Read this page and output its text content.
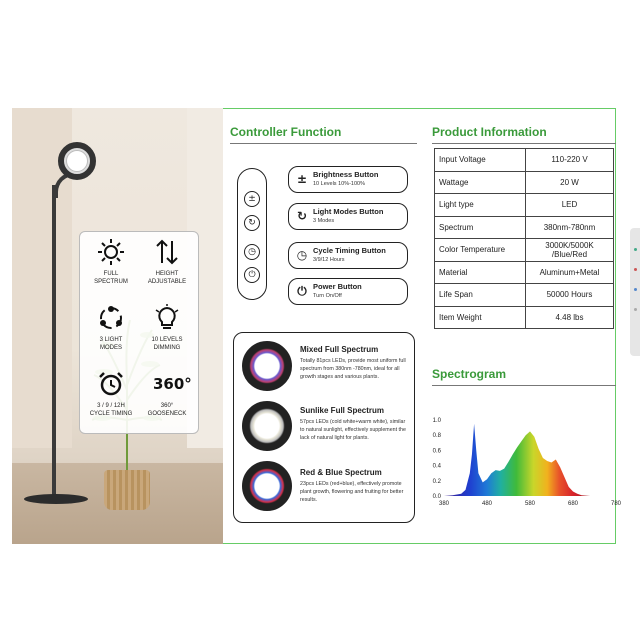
FULL
SPECTRUM
HEIGHT
ADJUSTABLE
3 LIGHT
MODES
10 LEVELS
DIMMING
3 / 9 / 12H
CYCLE TIMING
360°
360°
GOOSENECK
Controller Function
±
↻
◷
⏻
± Brightness Button
10 Levels 10%-100%
↻ Light Modes Button
3 Modes
◷ Cycle Timing Button
3/9/12 Hours
⏻ Power Button
Turn On/Off
Mixed Full Spectrum
Totally 81pcs LEDs, provide most uniform full spectrum from 380nm -780nm, ideal for all growth stages and various plants.
Sunlike Full Spectrum
57pcs LEDs (cold white+warm white), similar to natural sunlight, effectively supplement the lack of natural light for plants.
Red & Blue Spectrum
23pcs LEDs (red+blue), effectively promote plant growth, flowering and fruiting for better results.
Product Information
Input Voltage	110-220 V
Wattage	20 W
Light type	LED
Spectrum	380nm-780nm
Color Temperature	3000K/5000K
/Blue/Red
Material	Aluminum+Metal
Life Span	50000 Hours
Item Weight	4.48 lbs
Spectrogram
0.0
0.2
0.4
0.6
0.8
1.0
380	480	580	680	780
